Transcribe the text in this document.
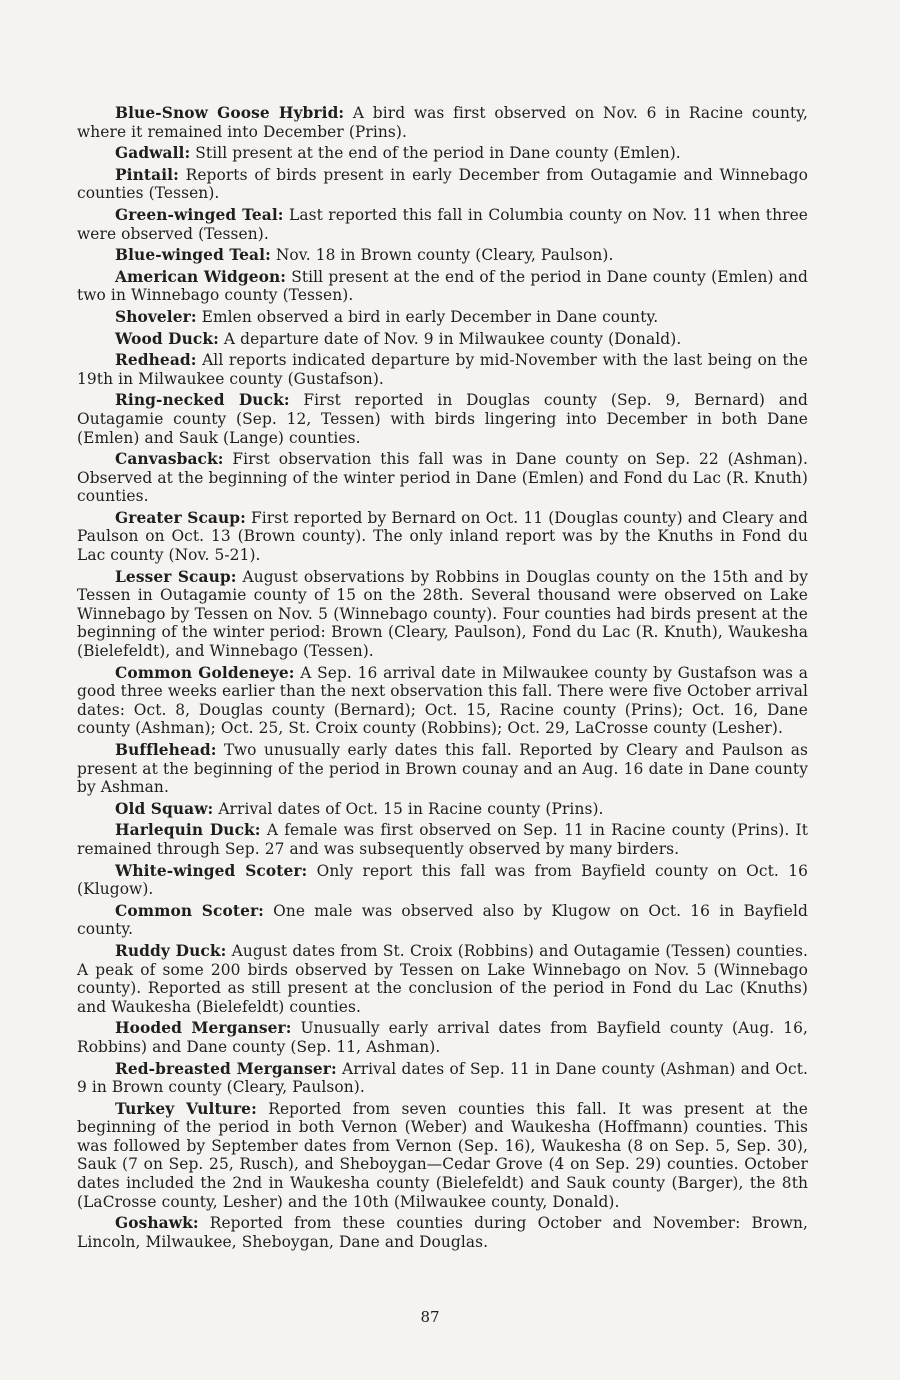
Blue-Snow Goose Hybrid: A bird was first observed on Nov. 6 in Racine county, where it remained into December (Prins).

Gadwall: Still present at the end of the period in Dane county (Emlen).

Pintail: Reports of birds present in early December from Outagamie and Winnebago counties (Tessen).

Green-winged Teal: Last reported this fall in Columbia county on Nov. 11 when three were observed (Tessen).

Blue-winged Teal: Nov. 18 in Brown county (Cleary, Paulson).

American Widgeon: Still present at the end of the period in Dane county (Emlen) and two in Winnebago county (Tessen).

Shoveler: Emlen observed a bird in early December in Dane county.

Wood Duck: A departure date of Nov. 9 in Milwaukee county (Donald).

Redhead: All reports indicated departure by mid-November with the last being on the 19th in Milwaukee county (Gustafson).

Ring-necked Duck: First reported in Douglas county (Sep. 9, Bernard) and Outagamie county (Sep. 12, Tessen) with birds lingering into December in both Dane (Emlen) and Sauk (Lange) counties.

Canvasback: First observation this fall was in Dane county on Sep. 22 (Ashman). Observed at the beginning of the winter period in Dane (Emlen) and Fond du Lac (R. Knuth) counties.

Greater Scaup: First reported by Bernard on Oct. 11 (Douglas county) and Cleary and Paulson on Oct. 13 (Brown county). The only inland report was by the Knuths in Fond du Lac county (Nov. 5-21).

Lesser Scaup: August observations by Robbins in Douglas county on the 15th and by Tessen in Outagamie county of 15 on the 28th. Several thousand were observed on Lake Winnebago by Tessen on Nov. 5 (Winnebago county). Four counties had birds present at the beginning of the winter period: Brown (Cleary, Paulson), Fond du Lac (R. Knuth), Waukesha (Bielefeldt), and Winnebago (Tessen).

Common Goldeneye: A Sep. 16 arrival date in Milwaukee county by Gustafson was a good three weeks earlier than the next observation this fall. There were five October arrival dates: Oct. 8, Douglas county (Bernard); Oct. 15, Racine county (Prins); Oct. 16, Dane county (Ashman); Oct. 25, St. Croix county (Robbins); Oct. 29, LaCrosse county (Lesher).

Bufflehead: Two unusually early dates this fall. Reported by Cleary and Paulson as present at the beginning of the period in Brown counay and an Aug. 16 date in Dane county by Ashman.

Old Squaw: Arrival dates of Oct. 15 in Racine county (Prins).

Harlequin Duck: A female was first observed on Sep. 11 in Racine county (Prins). It remained through Sep. 27 and was subsequently observed by many birders.

White-winged Scoter: Only report this fall was from Bayfield county on Oct. 16 (Klugow).

Common Scoter: One male was observed also by Klugow on Oct. 16 in Bayfield county.

Ruddy Duck: August dates from St. Croix (Robbins) and Outagamie (Tessen) counties. A peak of some 200 birds observed by Tessen on Lake Winnebago on Nov. 5 (Winnebago county). Reported as still present at the conclusion of the period in Fond du Lac (Knuths) and Waukesha (Bielefeldt) counties.

Hooded Merganser: Unusually early arrival dates from Bayfield county (Aug. 16, Robbins) and Dane county (Sep. 11, Ashman).

Red-breasted Merganser: Arrival dates of Sep. 11 in Dane county (Ashman) and Oct. 9 in Brown county (Cleary, Paulson).

Turkey Vulture: Reported from seven counties this fall. It was present at the beginning of the period in both Vernon (Weber) and Waukesha (Hoffmann) counties. This was followed by September dates from Vernon (Sep. 16), Waukesha (8 on Sep. 5, Sep. 30), Sauk (7 on Sep. 25, Rusch), and Sheboygan—Cedar Grove (4 on Sep. 29) counties. October dates included the 2nd in Waukesha county (Bielefeldt) and Sauk county (Barger), the 8th (LaCrosse county, Lesher) and the 10th (Milwaukee county, Donald).

Goshawk: Reported from these counties during October and November: Brown, Lincoln, Milwaukee, Sheboygan, Dane and Douglas.

87
